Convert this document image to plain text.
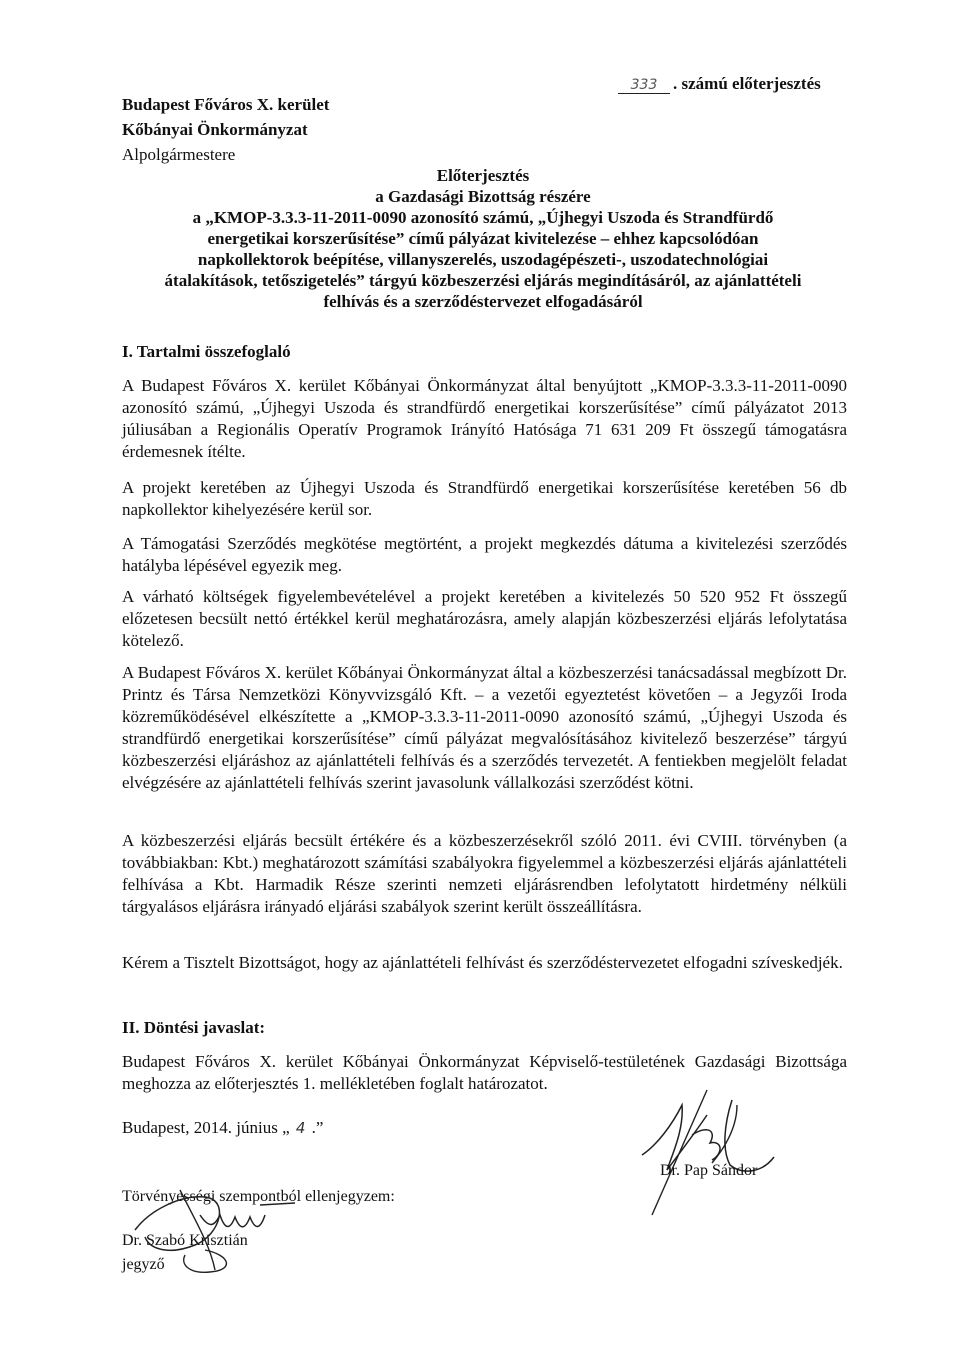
Budapest Főváros X. kerület
Kőbányai Önkormányzat
Alpolgármestere
333 . számú előterjesztés
Előterjesztés
a Gazdasági Bizottság részére
a „KMOP-3.3.3-11-2011-0090 azonosító számú, „Újhegyi Uszoda és Strandfürdő
energetikai korszerűsítése” című pályázat kivitelezése – ehhez kapcsolódóan
napkollektorok beépítése, villanyszerelés, uszodagépészeti-, uszodatechnológiai
átalakítások, tetőszigetelés” tárgyú közbeszerzési eljárás megindításáról, az ajánlattételi
felhívás és a szerződéstervezet elfogadásáról
I. Tartalmi összefoglaló
A Budapest Főváros X. kerület Kőbányai Önkormányzat által benyújtott „KMOP-3.3.3-11-2011-0090 azonosító számú, „Újhegyi Uszoda és strandfürdő energetikai korszerűsítése” című pályázatot 2013 júliusában a Regionális Operatív Programok Irányító Hatósága 71 631 209 Ft összegű támogatásra érdemesnek ítélte.
A projekt keretében az Újhegyi Uszoda és Strandfürdő energetikai korszerűsítése keretében 56 db napkollektor kihelyezésére kerül sor.
A Támogatási Szerződés megkötése megtörtént, a projekt megkezdés dátuma a kivitelezési szerződés hatályba lépésével egyezik meg.
A várható költségek figyelembevételével a projekt keretében a kivitelezés 50 520 952 Ft összegű előzetesen becsült nettó értékkel kerül meghatározásra, amely alapján közbeszerzési eljárás lefolytatása kötelező.
A Budapest Főváros X. kerület Kőbányai Önkormányzat által a közbeszerzési tanácsadással megbízott Dr. Printz és Társa Nemzetközi Könyvvizsgáló Kft. – a vezetői egyeztetést követően – a Jegyzői Iroda közreműködésével elkészítette a „KMOP-3.3.3-11-2011-0090 azonosító számú, „Újhegyi Uszoda és strandfürdő energetikai korszerűsítése” című pályázat megvalósításához kivitelező beszerzése” tárgyú közbeszerzési eljáráshoz az ajánlattételi felhívás és a szerződés tervezetét. A fentiekben megjelölt feladat elvégzésére az ajánlattételi felhívás szerint javasolunk vállalkozási szerződést kötni.
A közbeszerzési eljárás becsült értékére és a közbeszerzésekről szóló 2011. évi CVIII. törvényben (a továbbiakban: Kbt.) meghatározott számítási szabályokra figyelemmel a közbeszerzési eljárás ajánlattételi felhívása a Kbt. Harmadik Része szerinti nemzeti eljárásrendben lefolytatott hirdetmény nélküli tárgyalásos eljárásra irányadó eljárási szabályok szerint került összeállításra.
Kérem a Tisztelt Bizottságot, hogy az ajánlattételi felhívást és szerződéstervezetet elfogadni szíveskedjék.
II. Döntési javaslat:
Budapest Főváros X. kerület Kőbányai Önkormányzat Képviselő-testületének Gazdasági Bizottsága meghozza az előterjesztés 1. mellékletében foglalt határozatot.
Budapest, 2014. június „ 4 .”
Dr. Pap Sándor
Törvényességi szempontból ellenjegyzem:
Dr. Szabó Krisztián
jegyző
